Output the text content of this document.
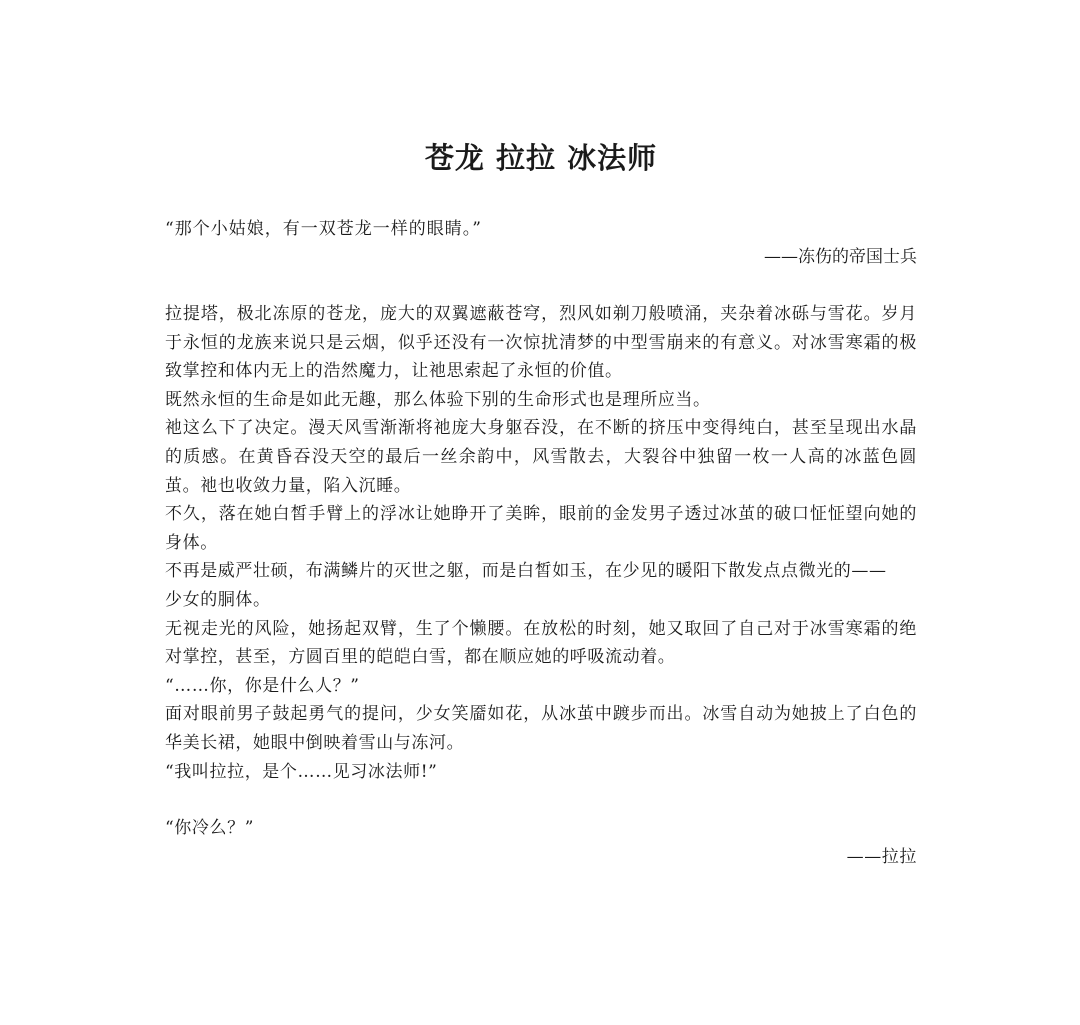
苍龙 拉拉 冰法师
“那个小姑娘，有一双苍龙一样的眼睛。”
——冻伤的帝国士兵

拉提塔，极北冻原的苍龙，庞大的双翼遮蔽苍穹，烈风如剃刀般喷涌，夹杂着冰砾与雪花。岁月于永恒的龙族来说只是云烟，似乎还没有一次惊扰清梦的中型雪崩来的有意义。对冰雪寒霜的极致掌控和体内无上的浩然魔力，让祂思索起了永恒的价值。

既然永恒的生命是如此无趣，那么体验下别的生命形式也是理所应当。

祂这么下了决定。漫天风雪渐渐将祂庞大身躯吞没，在不断的挤压中变得纯白，甚至呈现出水晶的质感。在黄昏吞没天空的最后一丝余韵中，风雪散去，大裂谷中独留一枚一人高的冰蓝色圆茧。祂也收敛力量，陷入沉睡。

不久，落在她白皙手臂上的浮冰让她睁开了美眸，眼前的金发男子透过冰茧的破口怔怔望向她的身体。

不再是威严壮硕，布满鳞片的灭世之躯，而是白皙如玉，在少见的暖阳下散发点点微光的——

少女的胴体。

无视走光的风险，她扬起双臂，生了个懒腰。在放松的时刻，她又取回了自己对于冰雪寒霜的绝对掌控，甚至，方圆百里的皑皑白雪，都在顺应她的呼吸流动着。

“……你，你是什么人？”

面对眼前男子鼓起勇气的提问，少女笑靥如花，从冰茧中踱步而出。冰雪自动为她披上了白色的华美长裙，她眼中倒映着雪山与冻河。

“我叫拉拉，是个……见习冰法师!”

“你冷么？”

——拉拉
